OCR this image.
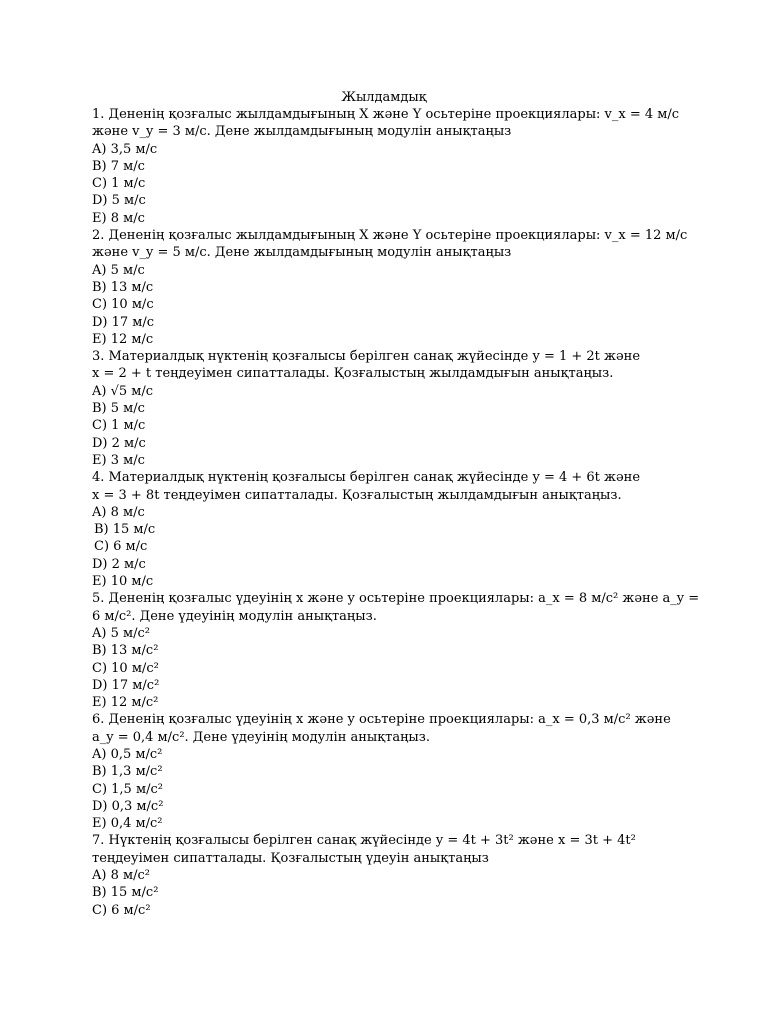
Жылдамдық
1. Дененің қозғалыс жылдамдығының X және Y осьтеріне проекциялары: v_x = 4 м/с
және v_y = 3 м/с. Дене жылдамдығының модулін анықтаңыз
A) 3,5 м/с
B) 7 м/с
C) 1 м/с
D) 5 м/с
E) 8 м/с
2. Дененің қозғалыс жылдамдығының X және Y осьтеріне проекциялары: v_x = 12 м/с
және v_y = 5 м/с. Дене жылдамдығының модулін анықтаңыз
A) 5 м/с
B) 13 м/с
C) 10 м/с
D) 17 м/с
E) 12 м/с
3. Материалдық нүктенің қозғалысы берілген санақ жүйесінде y = 1 + 2t және
x = 2 + t теңдеуімен сипатталады. Қозғалыстың жылдамдығын анықтаңыз.
A) √5 м/с
B) 5 м/с
C) 1 м/с
D) 2 м/с
E) 3 м/с
4. Материалдық нүктенің қозғалысы берілген санақ жүйесінде y = 4 + 6t және
x = 3 + 8t теңдеуімен сипатталады. Қозғалыстың жылдамдығын анықтаңыз.
A) 8 м/с
B) 15 м/с
C) 6 м/с
D) 2 м/с
E) 10 м/с
5. Дененің қозғалыс үдеуінің x және y осьтеріне проекциялары: a_x = 8 м/с² және a_y =
6 м/с². Дене үдеуінің модулін анықтаңыз.
A) 5 м/с²
B) 13 м/с²
C) 10 м/с²
D) 17 м/с²
E) 12 м/с²
6. Дененің қозғалыс үдеуінің x және y осьтеріне проекциялары: a_x = 0,3 м/с² және
a_y = 0,4 м/с². Дене үдеуінің модулін анықтаңыз.
A) 0,5 м/с²
B) 1,3 м/с²
C) 1,5 м/с²
D) 0,3 м/с²
E) 0,4 м/с²
7. Нүктенің қозғалысы берілген санақ жүйесінде y = 4t + 3t² және x = 3t + 4t²
теңдеуімен сипатталады. Қозғалыстың үдеуін анықтаңыз
A) 8 м/с²
B) 15 м/с²
C) 6 м/с²
